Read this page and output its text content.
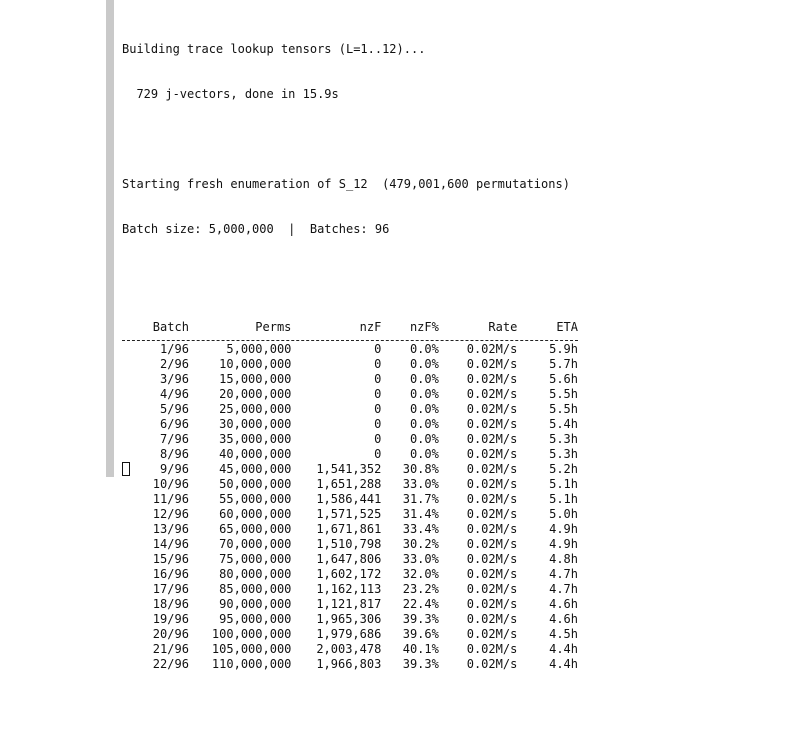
Building trace lookup tensors (L=1..12)...

729 j-vectors, done in 15.9s

Starting fresh enumeration of S_12  (479,001,600 permutations)

Batch size: 5,000,000  |  Batches: 96

Batch	Perms	nzF	nzF%	Rate	ETA

1/96	5,000,000	0	0.0%	0.02M/s	5.9h
2/96	10,000,000	0	0.0%	0.02M/s	5.7h
3/96	15,000,000	0	0.0%	0.02M/s	5.6h
4/96	20,000,000	0	0.0%	0.02M/s	5.5h
5/96	25,000,000	0	0.0%	0.02M/s	5.5h
6/96	30,000,000	0	0.0%	0.02M/s	5.4h
7/96	35,000,000	0	0.0%	0.02M/s	5.3h
8/96	40,000,000	0	0.0%	0.02M/s	5.3h
9/96	45,000,000	1,541,352	30.8%	0.02M/s	5.2h
10/96	50,000,000	1,651,288	33.0%	0.02M/s	5.1h
11/96	55,000,000	1,586,441	31.7%	0.02M/s	5.1h
12/96	60,000,000	1,571,525	31.4%	0.02M/s	5.0h
13/96	65,000,000	1,671,861	33.4%	0.02M/s	4.9h
14/96	70,000,000	1,510,798	30.2%	0.02M/s	4.9h
15/96	75,000,000	1,647,806	33.0%	0.02M/s	4.8h
16/96	80,000,000	1,602,172	32.0%	0.02M/s	4.7h
17/96	85,000,000	1,162,113	23.2%	0.02M/s	4.7h
18/96	90,000,000	1,121,817	22.4%	0.02M/s	4.6h
19/96	95,000,000	1,965,306	39.3%	0.02M/s	4.6h
20/96	100,000,000	1,979,686	39.6%	0.02M/s	4.5h
21/96	105,000,000	2,003,478	40.1%	0.02M/s	4.4h
22/96	110,000,000	1,966,803	39.3%	0.02M/s	4.4h
